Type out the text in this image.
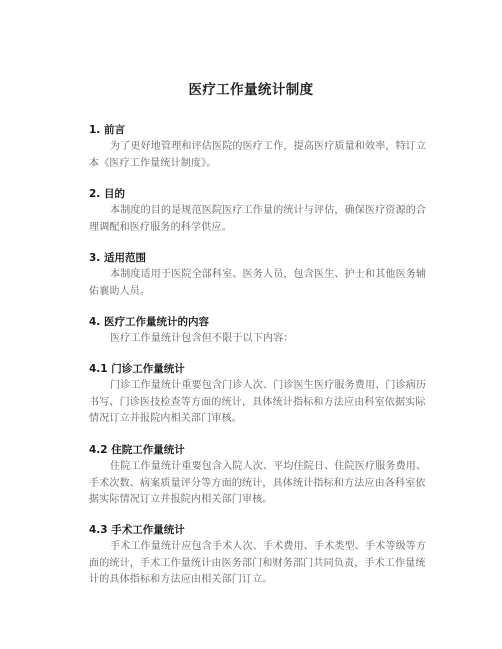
医疗工作量统计制度
1. 前言

为了更好地管理和评估医院的医疗工作，提高医疗质量和效率，特订立本《医疗工作量统计制度》。

2. 目的

本制度的目的是规范医院医疗工作量的统计与评估，确保医疗资源的合理调配和医疗服务的科学供应。

3. 适用范围

本制度适用于医院全部科室、医务人员，包含医生、护士和其他医务辅佑襄助人员。

4. 医疗工作量统计的内容

医疗工作量统计包含但不限于以下内容：

4.1 门诊工作量统计

门诊工作量统计重要包含门诊人次、门诊医生医疗服务费用、门诊病历书写、门诊医技检查等方面的统计，具体统计指标和方法应由科室依据实际情况订立并报院内相关部门审核。

4.2 住院工作量统计

住院工作量统计重要包含入院人次、平均住院日、住院医疗服务费用、手术次数、病案质量评分等方面的统计，具体统计指标和方法应由各科室依据实际情况订立并报院内相关部门审核。

4.3 手术工作量统计

手术工作量统计应包含手术人次、手术费用、手术类型、手术等级等方面的统计，手术工作量统计由医务部门和财务部门共同负责，手术工作量统计的具体指标和方法应由相关部门订立。
